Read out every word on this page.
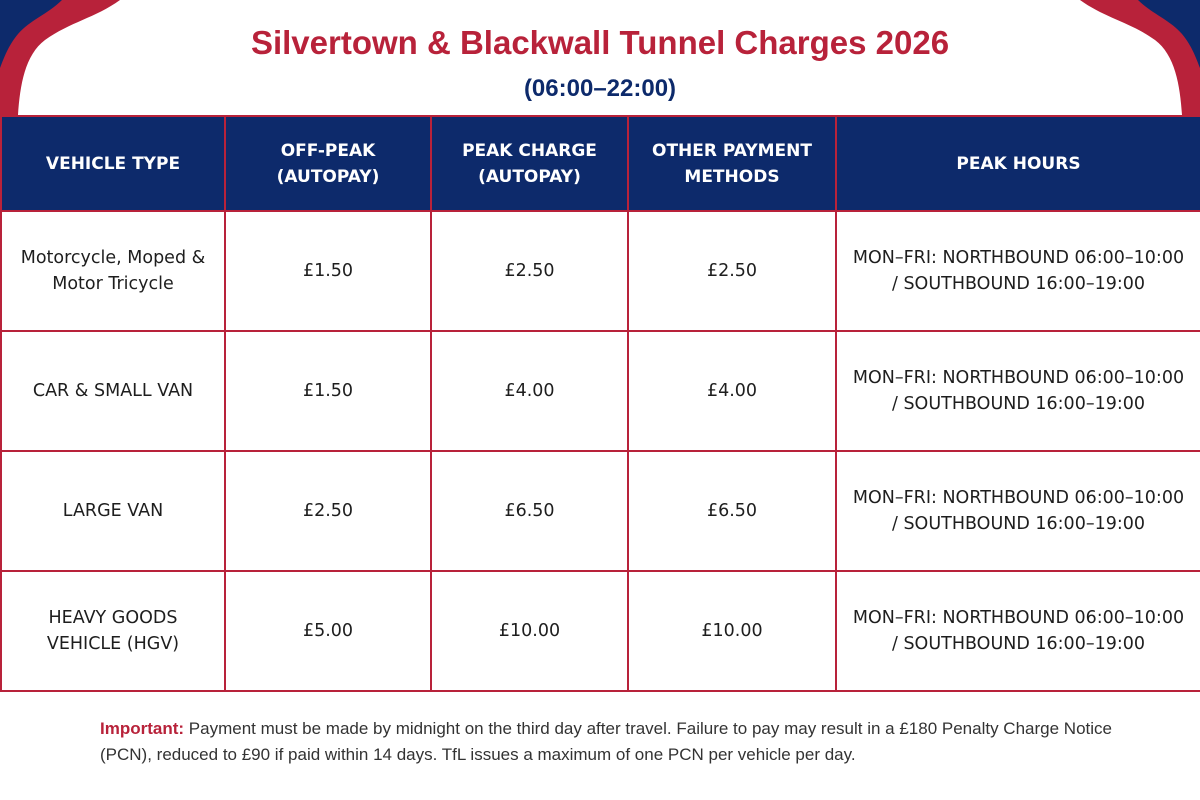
Silvertown & Blackwall Tunnel Charges 2026
(06:00–22:00)
VEHICLE TYPE	OFF-PEAK (AUTOPAY)	PEAK CHARGE (AUTOPAY)	OTHER PAYMENT METHODS	PEAK HOURS
Motorcycle, Moped & Motor Tricycle	£1.50	£2.50	£2.50	MON–FRI: NORTHBOUND 06:00–10:00 / SOUTHBOUND 16:00–19:00
CAR & SMALL VAN	£1.50	£4.00	£4.00	MON–FRI: NORTHBOUND 06:00–10:00 / SOUTHBOUND 16:00–19:00
LARGE VAN	£2.50	£6.50	£6.50	MON–FRI: NORTHBOUND 06:00–10:00 / SOUTHBOUND 16:00–19:00
HEAVY GOODS VEHICLE (HGV)	£5.00	£10.00	£10.00	MON–FRI: NORTHBOUND 06:00–10:00 / SOUTHBOUND 16:00–19:00

Important: Payment must be made by midnight on the third day after travel. Failure to pay may result in a £180 Penalty Charge Notice (PCN), reduced to £90 if paid within 14 days. TfL issues a maximum of one PCN per vehicle per day.
